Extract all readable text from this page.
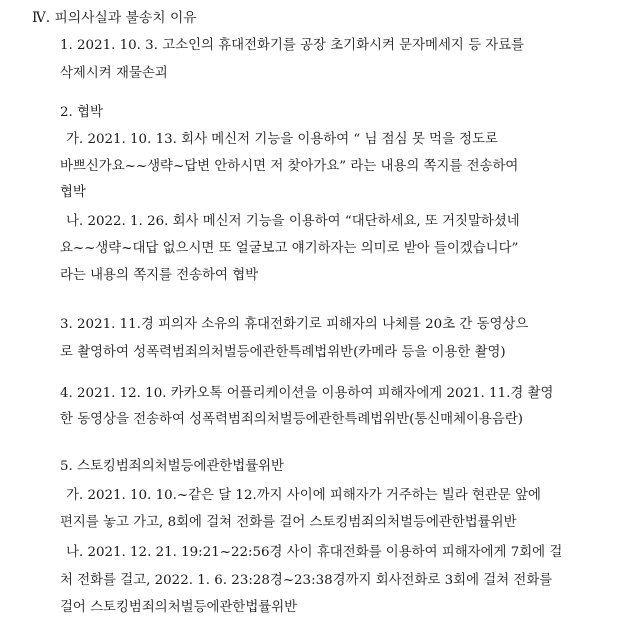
Ⅳ. 피의사실과 불송치 이유
1. 2021. 10. 3. 고소인의 휴대전화기를 공장 초기화시켜 문자메세지 등 자료를
삭제시켜 재물손괴
2. 협박
가. 2021. 10. 13. 회사 메신저 기능을 이용하여 “ 님 점심 못 먹을 정도로
바쁘신가요~~생략~답변 안하시면 저 찾아가요” 라는 내용의 쪽지를 전송하여
협박
나. 2022. 1. 26. 회사 메신저 기능을 이용하여 “대단하세요, 또 거짓말하셨네
요~~생략~대답 없으시면 또 얼굴보고 얘기하자는 의미로 받아 들이겠습니다”
라는 내용의 쪽지를 전송하여 협박
3. 2021. 11.경 피의자 소유의 휴대전화기로 피해자의 나체를 20초 간 동영상으
로 촬영하여 성폭력범죄의처벌등에관한특례법위반(카메라 등을 이용한 촬영)
4. 2021. 12. 10. 카카오톡 어플리케이션을 이용하여 피해자에게 2021. 11.경 촬영
한 동영상을 전송하여 성폭력범죄의처벌등에관한특례법위반(통신매체이용음란)
5. 스토킹범죄의처벌등에관한법률위반
가. 2021. 10. 10.~같은 달 12.까지 사이에 피해자가 거주하는 빌라 현관문 앞에
편지를 놓고 가고, 8회에 걸쳐 전화를 걸어 스토킹범죄의처벌등에관한법률위반
나. 2021. 12. 21. 19:21~22:56경 사이 휴대전화를 이용하여 피해자에게 7회에 걸
처 전화를 걸고, 2022. 1. 6. 23:28경~23:38경까지 회사전화로 3회에 걸쳐 전화를
걸어 스토킹범죄의처벌등에관한법률위반
